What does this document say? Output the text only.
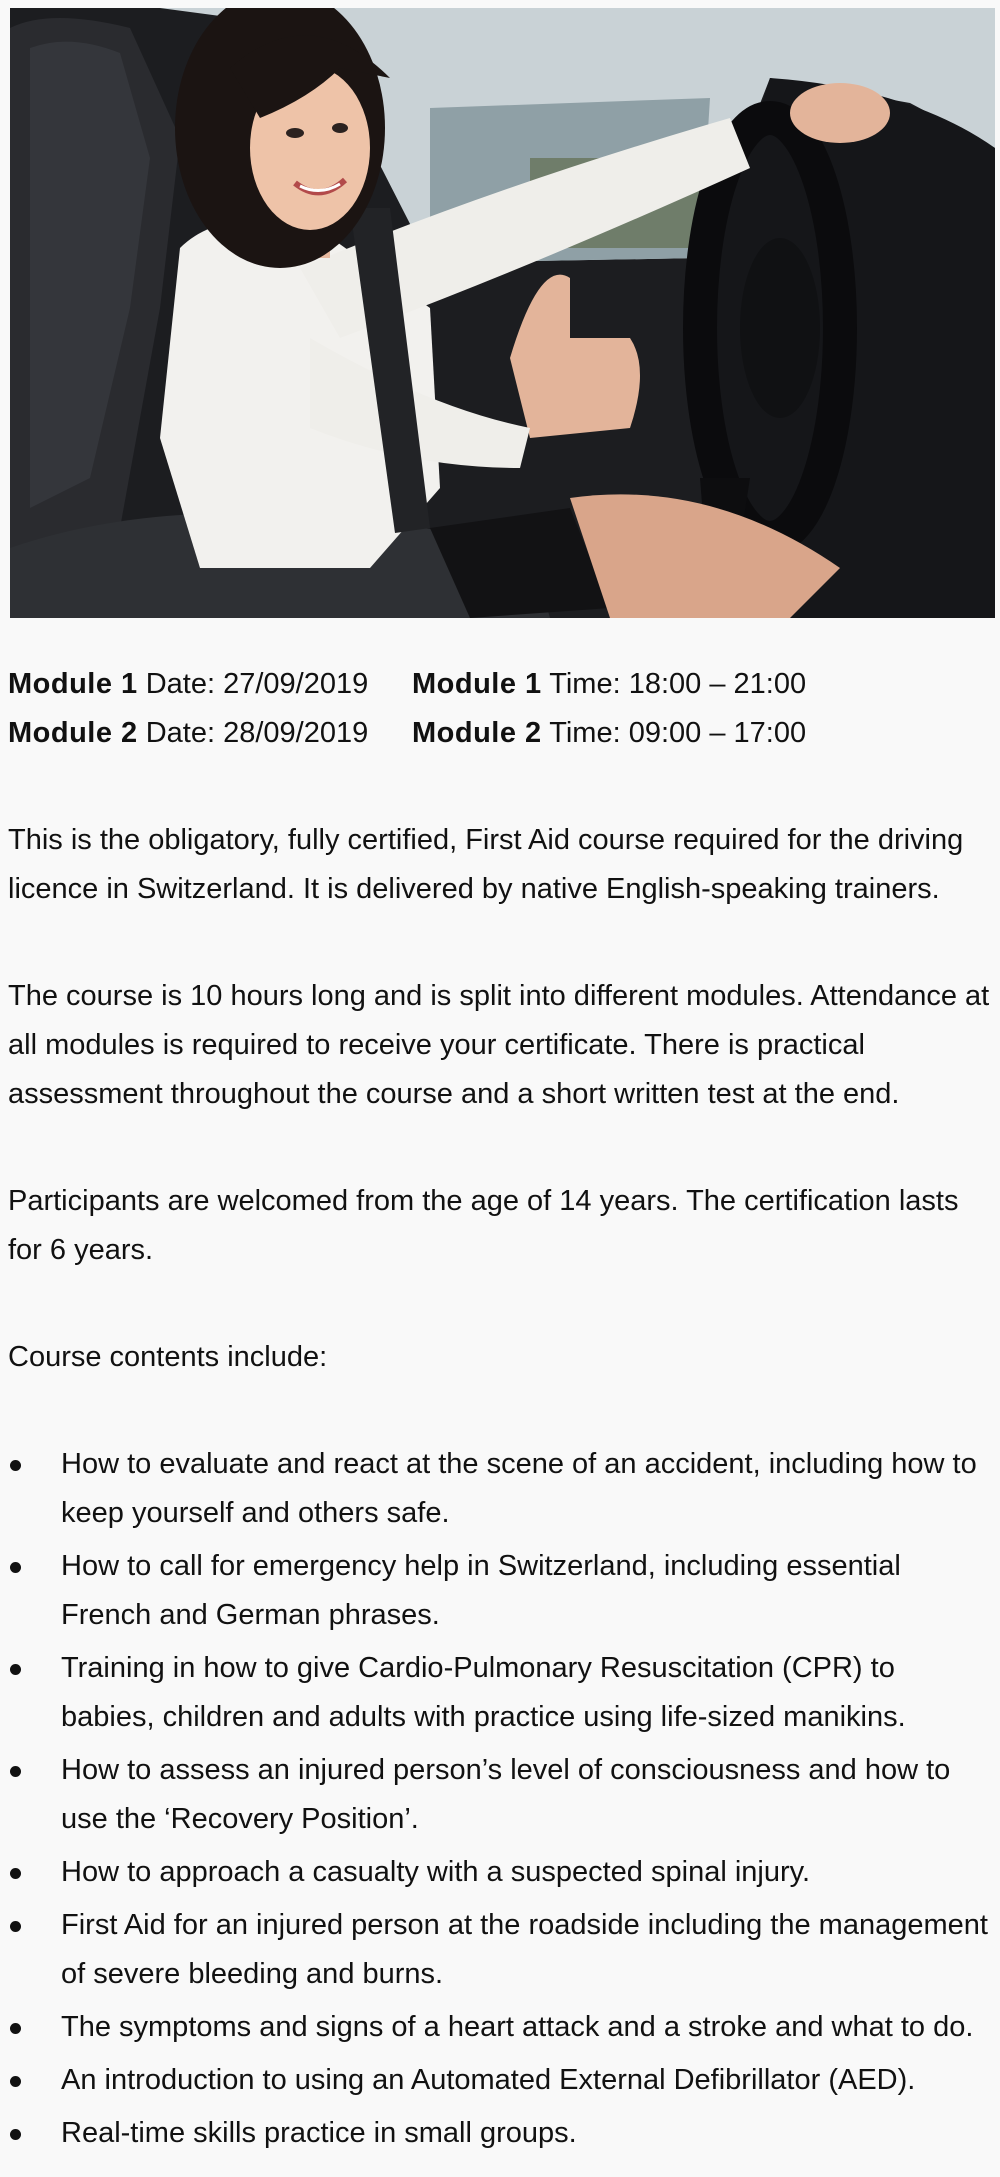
Module 1 Date: 27/09/2019	Module 1 Time: 18:00 – 21:00
Module 2 Date: 28/09/2019	Module 2 Time: 09:00 – 17:00

This is the obligatory, fully certified, First Aid course required for the driving licence in Switzerland. It is delivered by native English-speaking trainers.

The course is 10 hours long and is split into different modules. Attendance at all modules is required to receive your certificate. There is practical assessment throughout the course and a short written test at the end.

Participants are welcomed from the age of 14 years. The certification lasts for 6 years.

Course contents include:

How to evaluate and react at the scene of an accident, including how to keep yourself and others safe.
How to call for emergency help in Switzerland, including essential French and German phrases.
Training in how to give Cardio-Pulmonary Resuscitation (CPR) to babies, children and adults with practice using life-sized manikins.
How to assess an injured person’s level of consciousness and how to use the ‘Recovery Position’.
How to approach a casualty with a suspected spinal injury.
First Aid for an injured person at the roadside including the management of severe bleeding and burns.
The symptoms and signs of a heart attack and a stroke and what to do.
An introduction to using an Automated External Defibrillator (AED).
Real-time skills practice in small groups.
